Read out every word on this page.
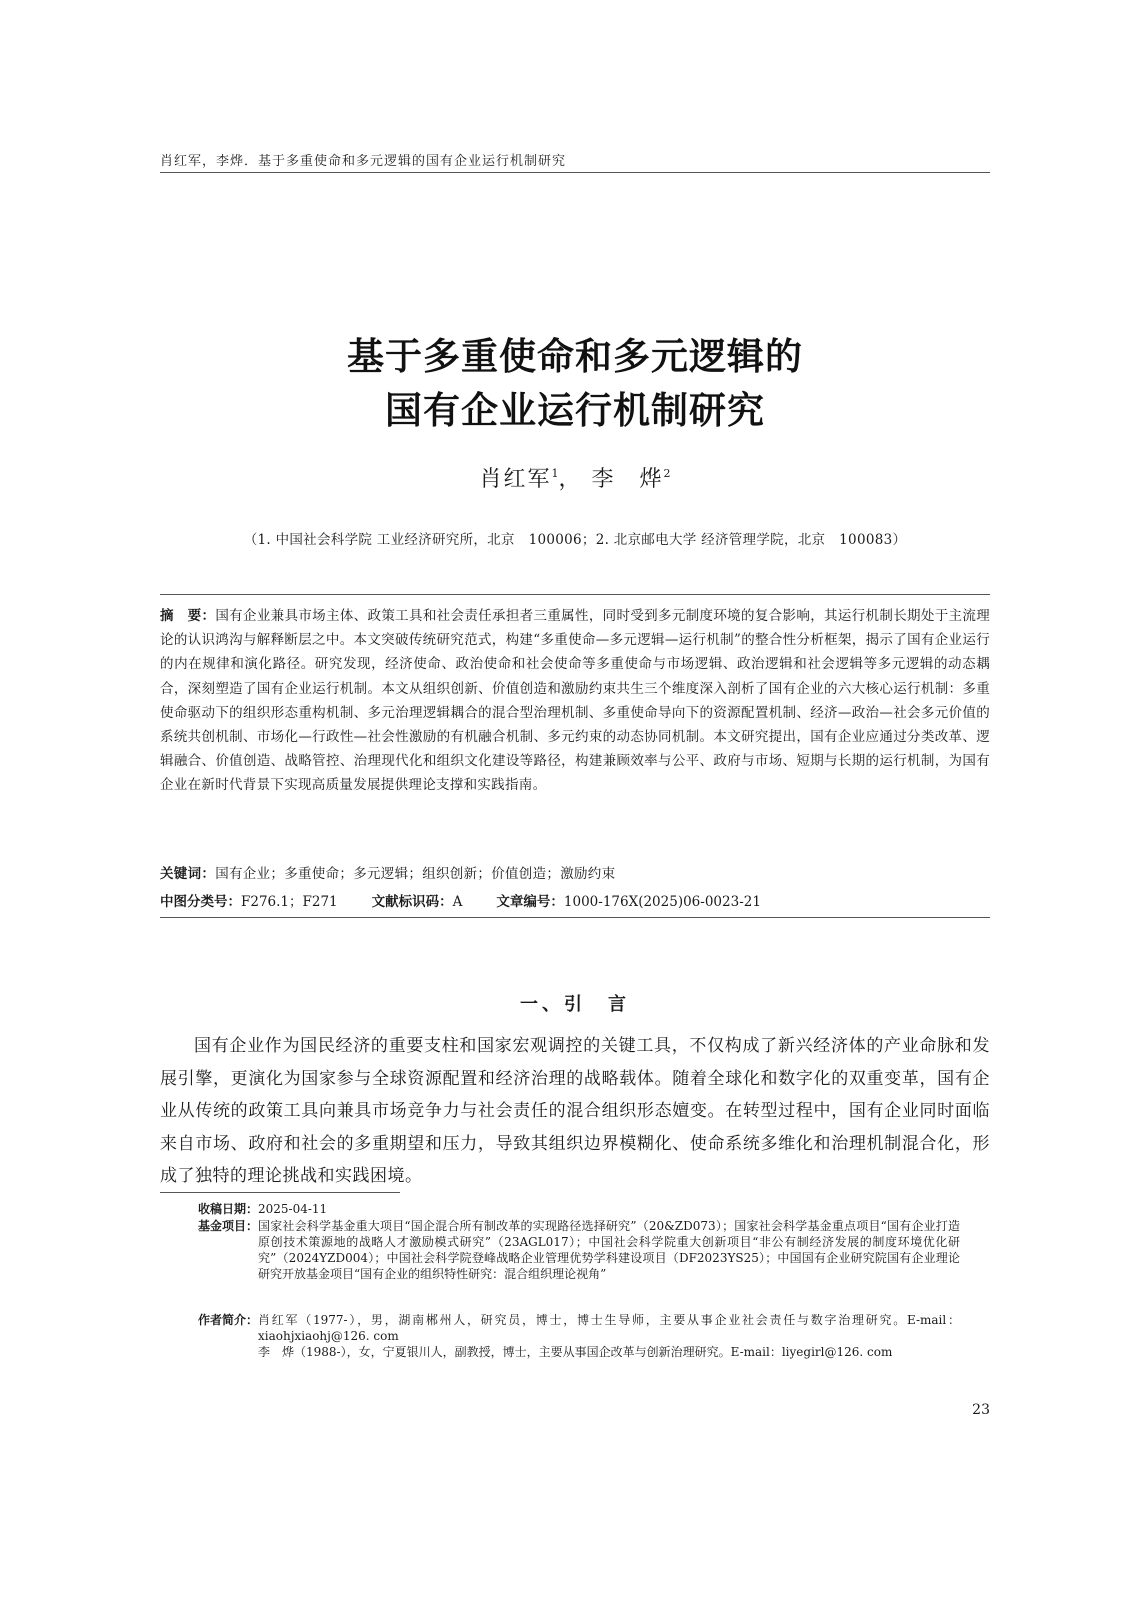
肖红军，李烨．基于多重使命和多元逻辑的国有企业运行机制研究
基于多重使命和多元逻辑的
国有企业运行机制研究
肖红军$^1$， 李　烨$^2$
（1. 中国社会科学院 工业经济研究所，北京　100006；2. 北京邮电大学 经济管理学院，北京　100083）
摘　要：国有企业兼具市场主体、政策工具和社会责任承担者三重属性，同时受到多元制度环境的复合影响，其运行机制长期处于主流理论的认识鸿沟与解释断层之中。本文突破传统研究范式，构建“多重使命—多元逻辑—运行机制”的整合性分析框架，揭示了国有企业运行的内在规律和演化路径。研究发现，经济使命、政治使命和社会使命等多重使命与市场逻辑、政治逻辑和社会逻辑等多元逻辑的动态耦合，深刻塑造了国有企业运行机制。本文从组织创新、价值创造和激励约束共生三个维度深入剖析了国有企业的六大核心运行机制：多重使命驱动下的组织形态重构机制、多元治理逻辑耦合的混合型治理机制、多重使命导向下的资源配置机制、经济—政治—社会多元价值的系统共创机制、市场化—行政性—社会性激励的有机融合机制、多元约束的动态协同机制。本文研究提出，国有企业应通过分类改革、逻辑融合、价值创造、战略管控、治理现代化和组织文化建设等路径，构建兼顾效率与公平、政府与市场、短期与长期的运行机制，为国有企业在新时代背景下实现高质量发展提供理论支撑和实践指南。
关键词：国有企业；多重使命；多元逻辑；组织创新；价值创造；激励约束
中图分类号：F276.1；F271	文献标识码：A	文章编号：1000-176X(2025)06-0023-21
一、引　言

国有企业作为国民经济的重要支柱和国家宏观调控的关键工具，不仅构成了新兴经济体的产业命脉和发展引擎，更演化为国家参与全球资源配置和经济治理的战略载体。随着全球化和数字化的双重变革，国有企业从传统的政策工具向兼具市场竞争力与社会责任的混合组织形态嬗变。在转型过程中，国有企业同时面临来自市场、政府和社会的多重期望和压力，导致其组织边界模糊化、使命系统多维化和治理机制混合化，形成了独特的理论挑战和实践困境。

收稿日期： 2025-04-11
基金项目： 国家社会科学基金重大项目“国企混合所有制改革的实现路径选择研究”（20&ZD073）；国家社会科学基金重点项目“国有企业打造原创技术策源地的战略人才激励模式研究”（23AGL017）；中国社会科学院重大创新项目“非公有制经济发展的制度环境优化研究”（2024YZD004）；中国社会科学院登峰战略企业管理优势学科建设项目（DF2023YS25）；中国国有企业研究院国有企业理论研究开放基金项目“国有企业的组织特性研究：混合组织理论视角”
作者简介： 肖红军（1977-），男，湖南郴州人，研究员，博士，博士生导师，主要从事企业社会责任与数字治理研究。E-mail：xiaohjxiaohj@126. com

李　烨（1988-），女，宁夏银川人，副教授，博士，主要从事国企改革与创新治理研究。E-mail：liyegirl@126. com

23
